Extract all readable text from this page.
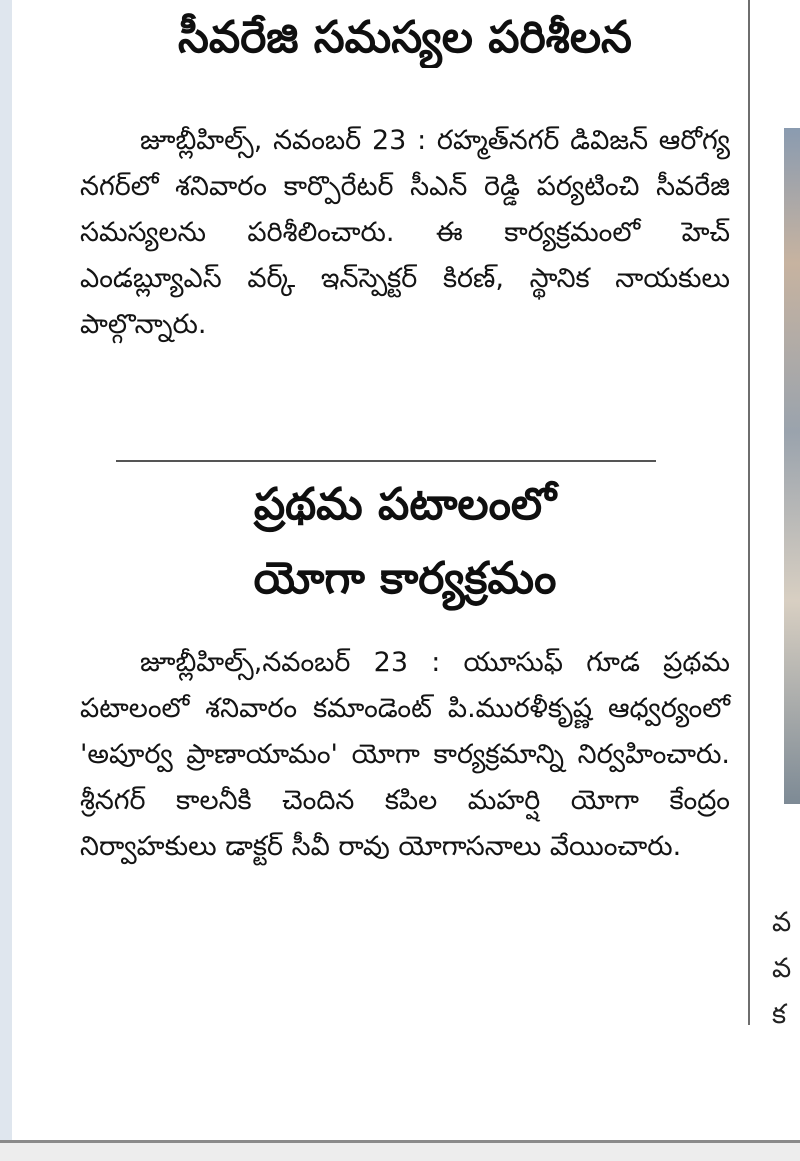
సీవరేజి సమస్యల పరిశీలన

జూబ్లీహిల్స్, నవంబర్ 23 : రహ్మత్‌నగర్ డివిజన్ ఆరోగ్య నగర్‌లో శనివారం కార్పొరేటర్ సీఎన్ రెడ్డి పర్యటించి సీవరేజి సమస్యలను పరిశీలించారు. ఈ కార్యక్రమంలో హెచ్ ఎండబ్ల్యూఎస్ వర్క్ ఇన్‌స్పెక్టర్ కిరణ్, స్థానిక నాయకులు పాల్గొన్నారు.

ప్రథమ పటాలంలో
యోగా కార్యక్రమం

జూబ్లీహిల్స్,నవంబర్ 23 : యూసుఫ్ గూడ ప్రథమ పటాలంలో శనివారం కమాండెంట్ పి.మురళీకృష్ణ ఆధ్వర్యంలో 'అపూర్వ ప్రాణాయామం' యోగా కార్యక్రమాన్ని నిర్వహించారు. శ్రీనగర్ కాలనీకి చెందిన కపిల మహర్షి యోగా కేంద్రం నిర్వాహకులు డాక్టర్ సీవీ రావు యోగాసనాలు వేయించారు.

వ
వ
క
